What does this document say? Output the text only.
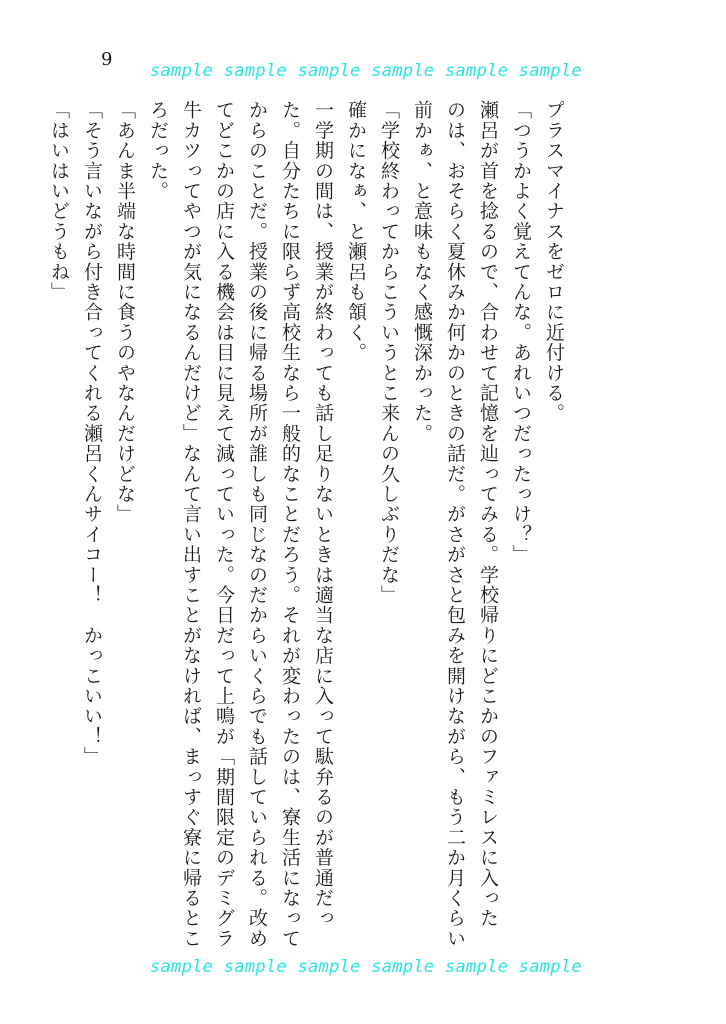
9
sample sample sample sample sample sample

プラスマイナスをゼロに近付ける。

「つうかよく覚えてんな。あれいつだったっけ？」

瀬呂が首を捻るので、合わせて記憶を辿ってみる。学校帰りにどこかのファミレスに入った

のは、おそらく夏休みか何かのときの話だ。がさがさと包みを開けながら、もう二か月くらい

前かぁ、と意味もなく感慨深かった。

「学校終わってからこういうとこ来んの久しぶりだな」

確かになぁ、と瀬呂も頷く。

一学期の間は、授業が終わっても話し足りないときは適当な店に入って駄弁るのが普通だっ

た。自分たちに限らず高校生なら一般的なことだろう。それが変わったのは、寮生活になって

からのことだ。授業の後に帰る場所が誰しも同じなのだからいくらでも話していられる。改め

てどこかの店に入る機会は目に見えて減っていった。今日だって上鳴が「期間限定のデミグラ

牛カツってやつが気になるんだけど」なんて言い出すことがなければ、まっすぐ寮に帰るとこ

ろだった。

「あんま半端な時間に食うのやなんだけどな」

「そう言いながら付き合ってくれる瀬呂くんサイコー！　かっこいい！」

「はいはいどうもね」

sample sample sample sample sample sample
